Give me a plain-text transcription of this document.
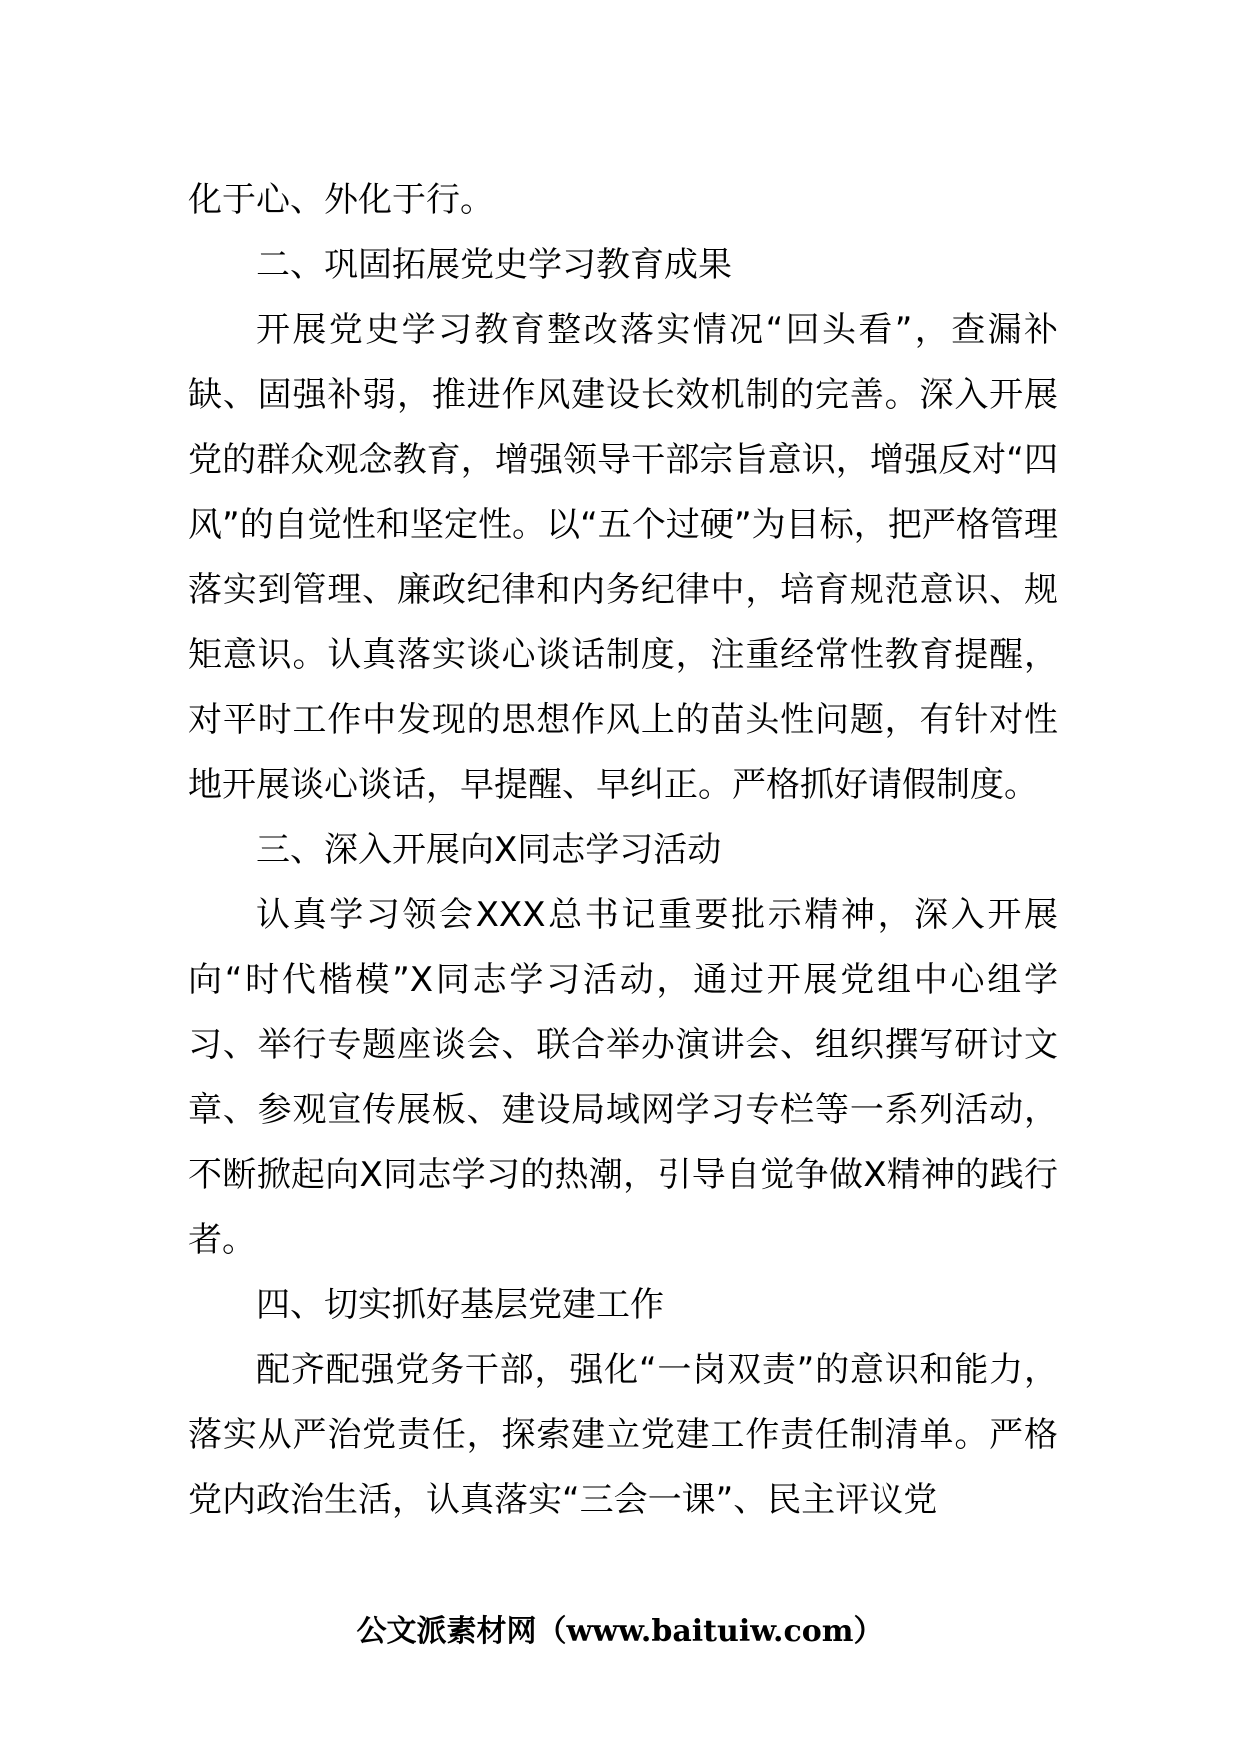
化于心、外化于行。

二、巩固拓展党史学习教育成果

开展党史学习教育整改落实情况“回头看”，查漏补缺、固强补弱，推进作风建设长效机制的完善。深入开展党的群众观念教育，增强领导干部宗旨意识，增强反对“四风”的自觉性和坚定性。以“五个过硬”为目标，把严格管理落实到管理、廉政纪律和内务纪律中，培育规范意识、规矩意识。认真落实谈心谈话制度，注重经常性教育提醒，对平时工作中发现的思想作风上的苗头性问题，有针对性地开展谈心谈话，早提醒、早纠正。严格抓好请假制度。

三、深入开展向X同志学习活动

认真学习领会XXX总书记重要批示精神，深入开展向“时代楷模”X同志学习活动，通过开展党组中心组学习、举行专题座谈会、联合举办演讲会、组织撰写研讨文章、参观宣传展板、建设局域网学习专栏等一系列活动，不断掀起向X同志学习的热潮，引导自觉争做X精神的践行者。

四、切实抓好基层党建工作

配齐配强党务干部，强化“一岗双责”的意识和能力，落实从严治党责任，探索建立党建工作责任制清单。严格党内政治生活，认真落实“三会一课”、民主评议党

公文派素材网（www.baituiw.com）
